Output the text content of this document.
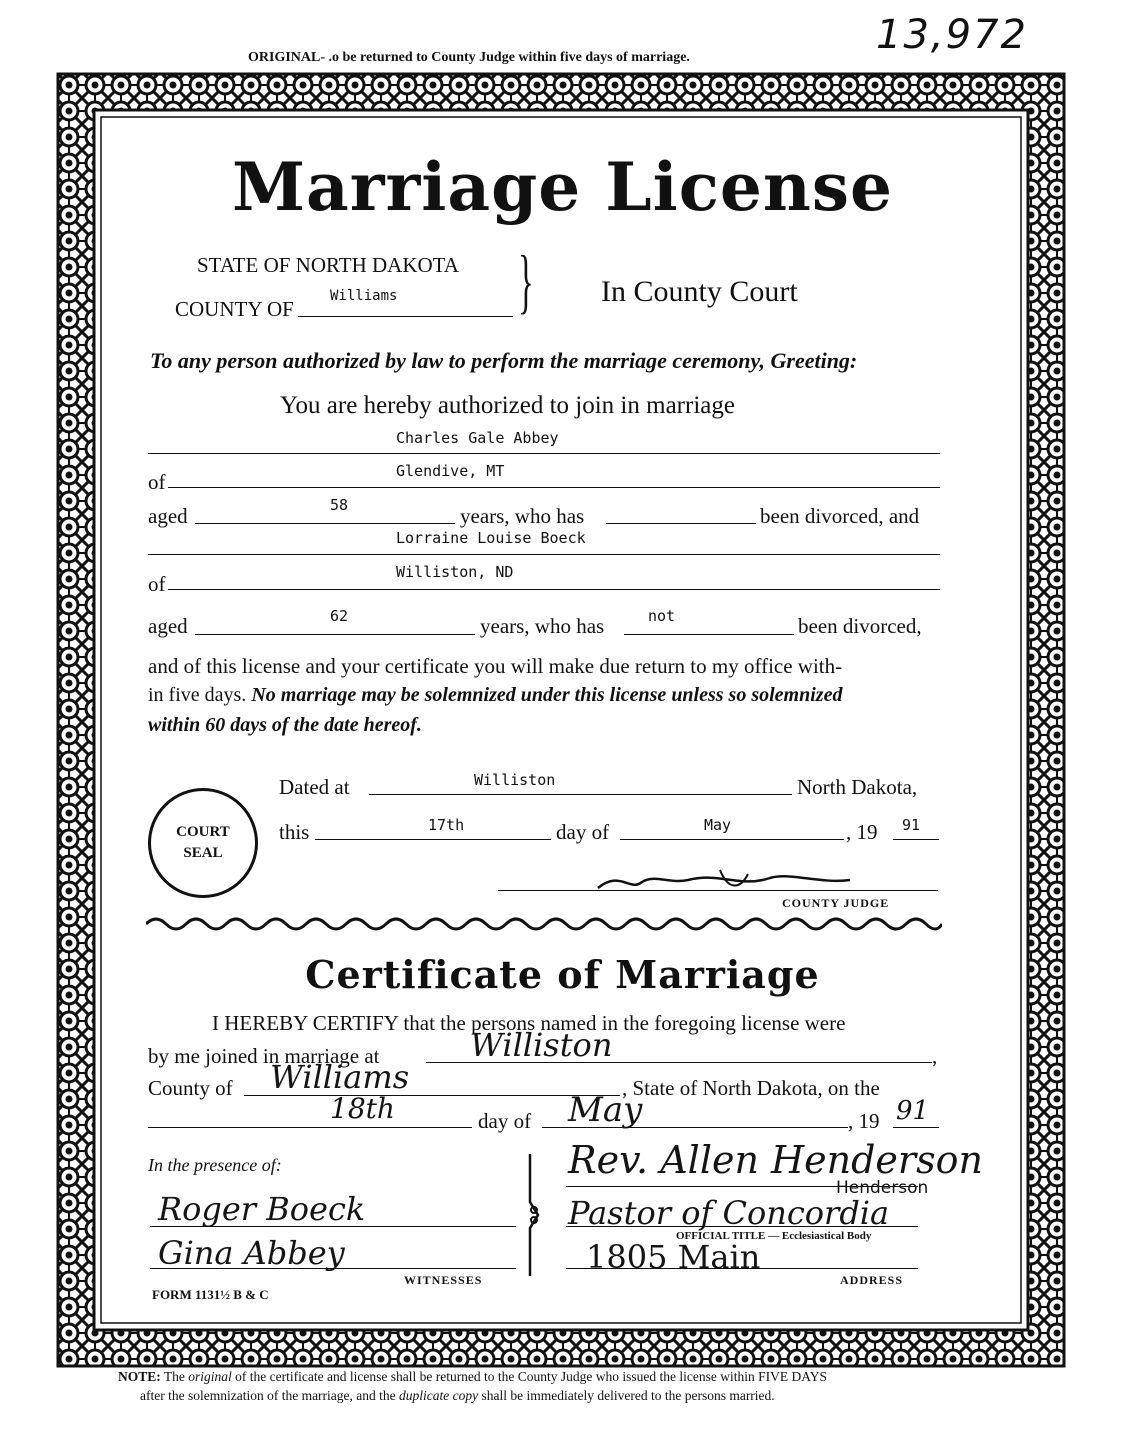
ORIGINAL- .o be returned to County Judge within five days of marriage.	13,972
Marriage License
STATE OF NORTH DAKOTA
COUNTY OF
Williams } In County Court
To any person authorized by law to perform the marriage ceremony, Greeting:
You are hereby authorized to join in marriage
Charles Gale Abbey
of	Glendive, MT
aged	58	years, who has	been divorced, and
Lorraine Louise Boeck
of	Williston, ND
aged	62	years, who has	not	been divorced,
and of this license and your certificate you will make due return to my office with-
in five days. No marriage may be solemnized under this license unless so solemnized
within 60 days of the date hereof.
Dated at	Williston	North Dakota,
this	17th	day of	May	, 19 91
COURT
SEAL
COUNTY JUDGE
Certificate of Marriage
I HEREBY CERTIFY that the persons named in the foregoing license were
by me joined in marriage at	Williston	,
County of Williams	, State of North Dakota, on the
18th	day of May	, 19 91
In the presence of:
Roger Boeck
Gina Abbey
WITNESSES
Rev. Allen Henderson
Henderson
Pastor of Concordia
OFFICIAL TITLE — Ecclesiastical Body
1805 Main
ADDRESS
FORM 1131½ B & C
NOTE: The original of the certificate and license shall be returned to the County Judge who issued the license within FIVE DAYS
after the solemnization of the marriage, and the duplicate copy shall be immediately delivered to the persons married.
